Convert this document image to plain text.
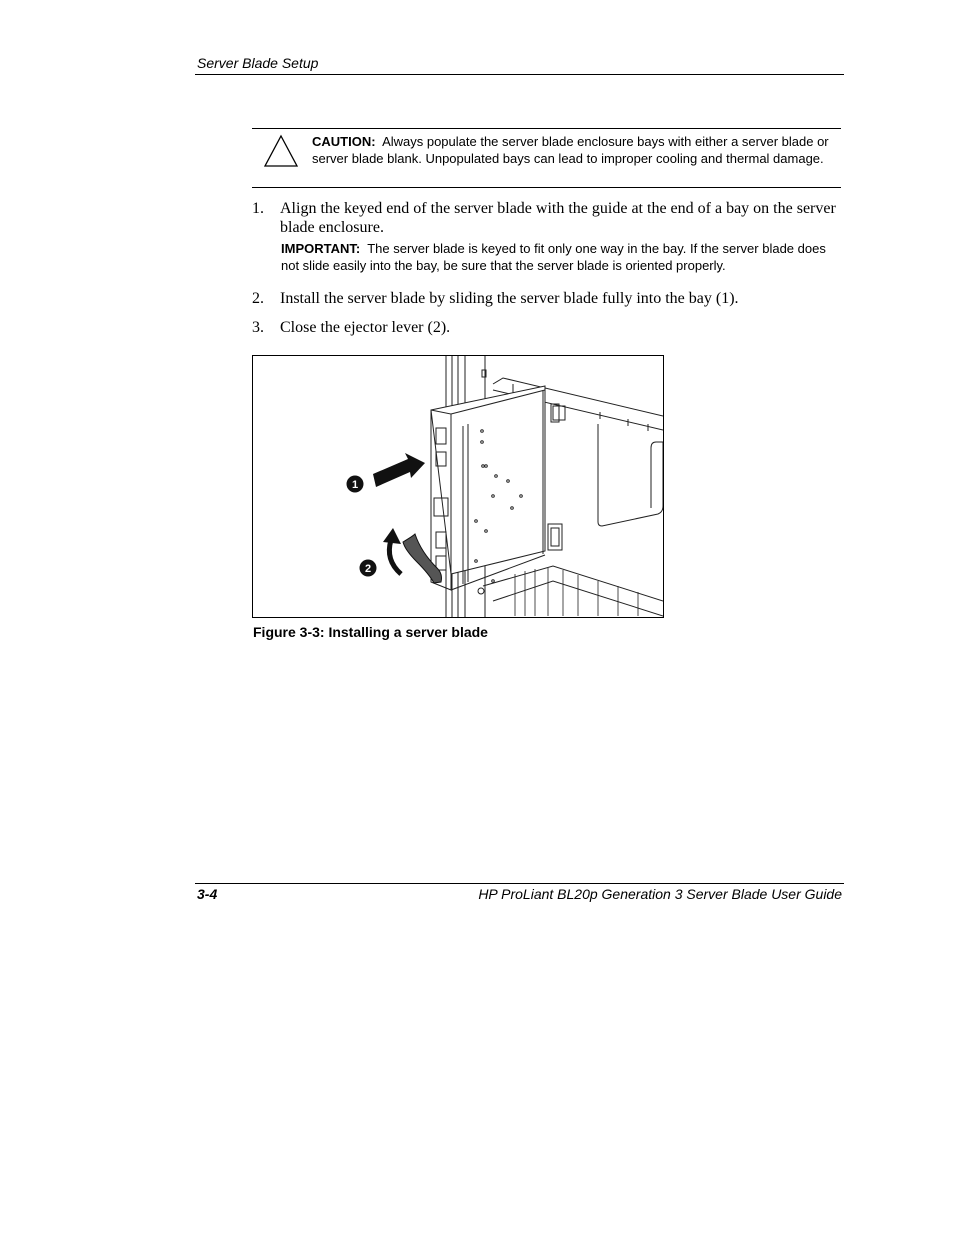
Server Blade Setup
CAUTION: Always populate the server blade enclosure bays with either a server blade or server blade blank. Unpopulated bays can lead to improper cooling and thermal damage.
1. Align the keyed end of the server blade with the guide at the end of a bay on the server blade enclosure.
IMPORTANT: The server blade is keyed to fit only one way in the bay. If the server blade does not slide easily into the bay, be sure that the server blade is oriented properly.
2. Install the server blade by sliding the server blade fully into the bay (1).
3. Close the ejector lever (2).
1
2
Figure 3-3: Installing a server blade
3-4	HP ProLiant BL20p Generation 3 Server Blade User Guide
